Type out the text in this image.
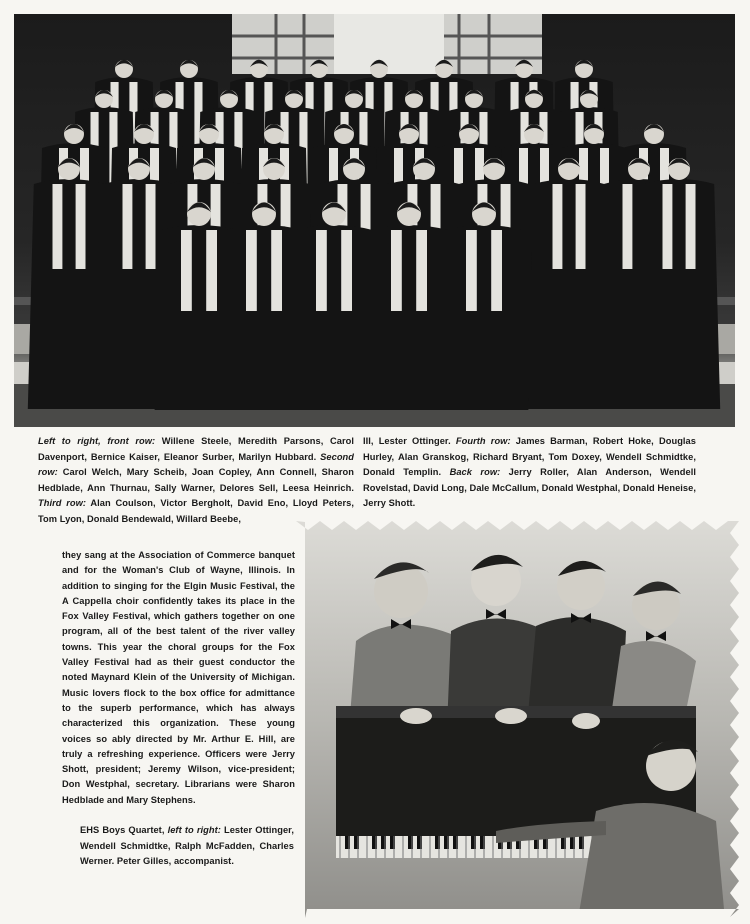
Left to right, front row: Willene Steele, Meredith Parsons, Carol Davenport, Bernice Kaiser, Eleanor Surber, Marilyn Hubbard. Second row: Carol Welch, Mary Scheib, Joan Copley, Ann Connell, Sharon Hedblade, Ann Thurnau, Sally Warner, Delores Sell, Leesa Heinrich. Third row: Alan Coulson, Victor Bergholt, David Eno, Lloyd Peters, Tom Lyon, Donald Bendewald, Willard Beebe,
III, Lester Ottinger. Fourth row: James Barman, Robert Hoke, Douglas Hurley, Alan Granskog, Richard Bryant, Tom Doxey, Wendell Schmidtke, Donald Templin. Back row: Jerry Roller, Alan Anderson, Wendell Rovelstad, David Long, Dale McCallum, Donald Westphal, Donald Heneise, Jerry Shott.
they sang at the Association of Commerce banquet and for the Woman's Club of Wayne, Illinois. In addition to singing for the Elgin Music Festival, the A Cappella choir confidently takes its place in the Fox Valley Festival, which gathers together on one program, all of the best talent of the river valley towns. This year the choral groups for the Fox Valley Festival had as their guest conductor the noted Maynard Klein of the University of Michigan. Music lovers flock to the box office for admittance to the superb performance, which has always characterized this organization. These young voices so ably directed by Mr. Arthur E. Hill, are truly a refreshing experience. Officers were Jerry Shott, president; Jeremy Wilson, vice-president; Don Westphal, secretary. Librarians were Sharon Hedblade and Mary Stephens.
EHS Boys Quartet, left to right: Lester Ottinger, Wendell Schmidtke, Ralph McFadden, Charles Werner. Peter Gilles, accompanist.
